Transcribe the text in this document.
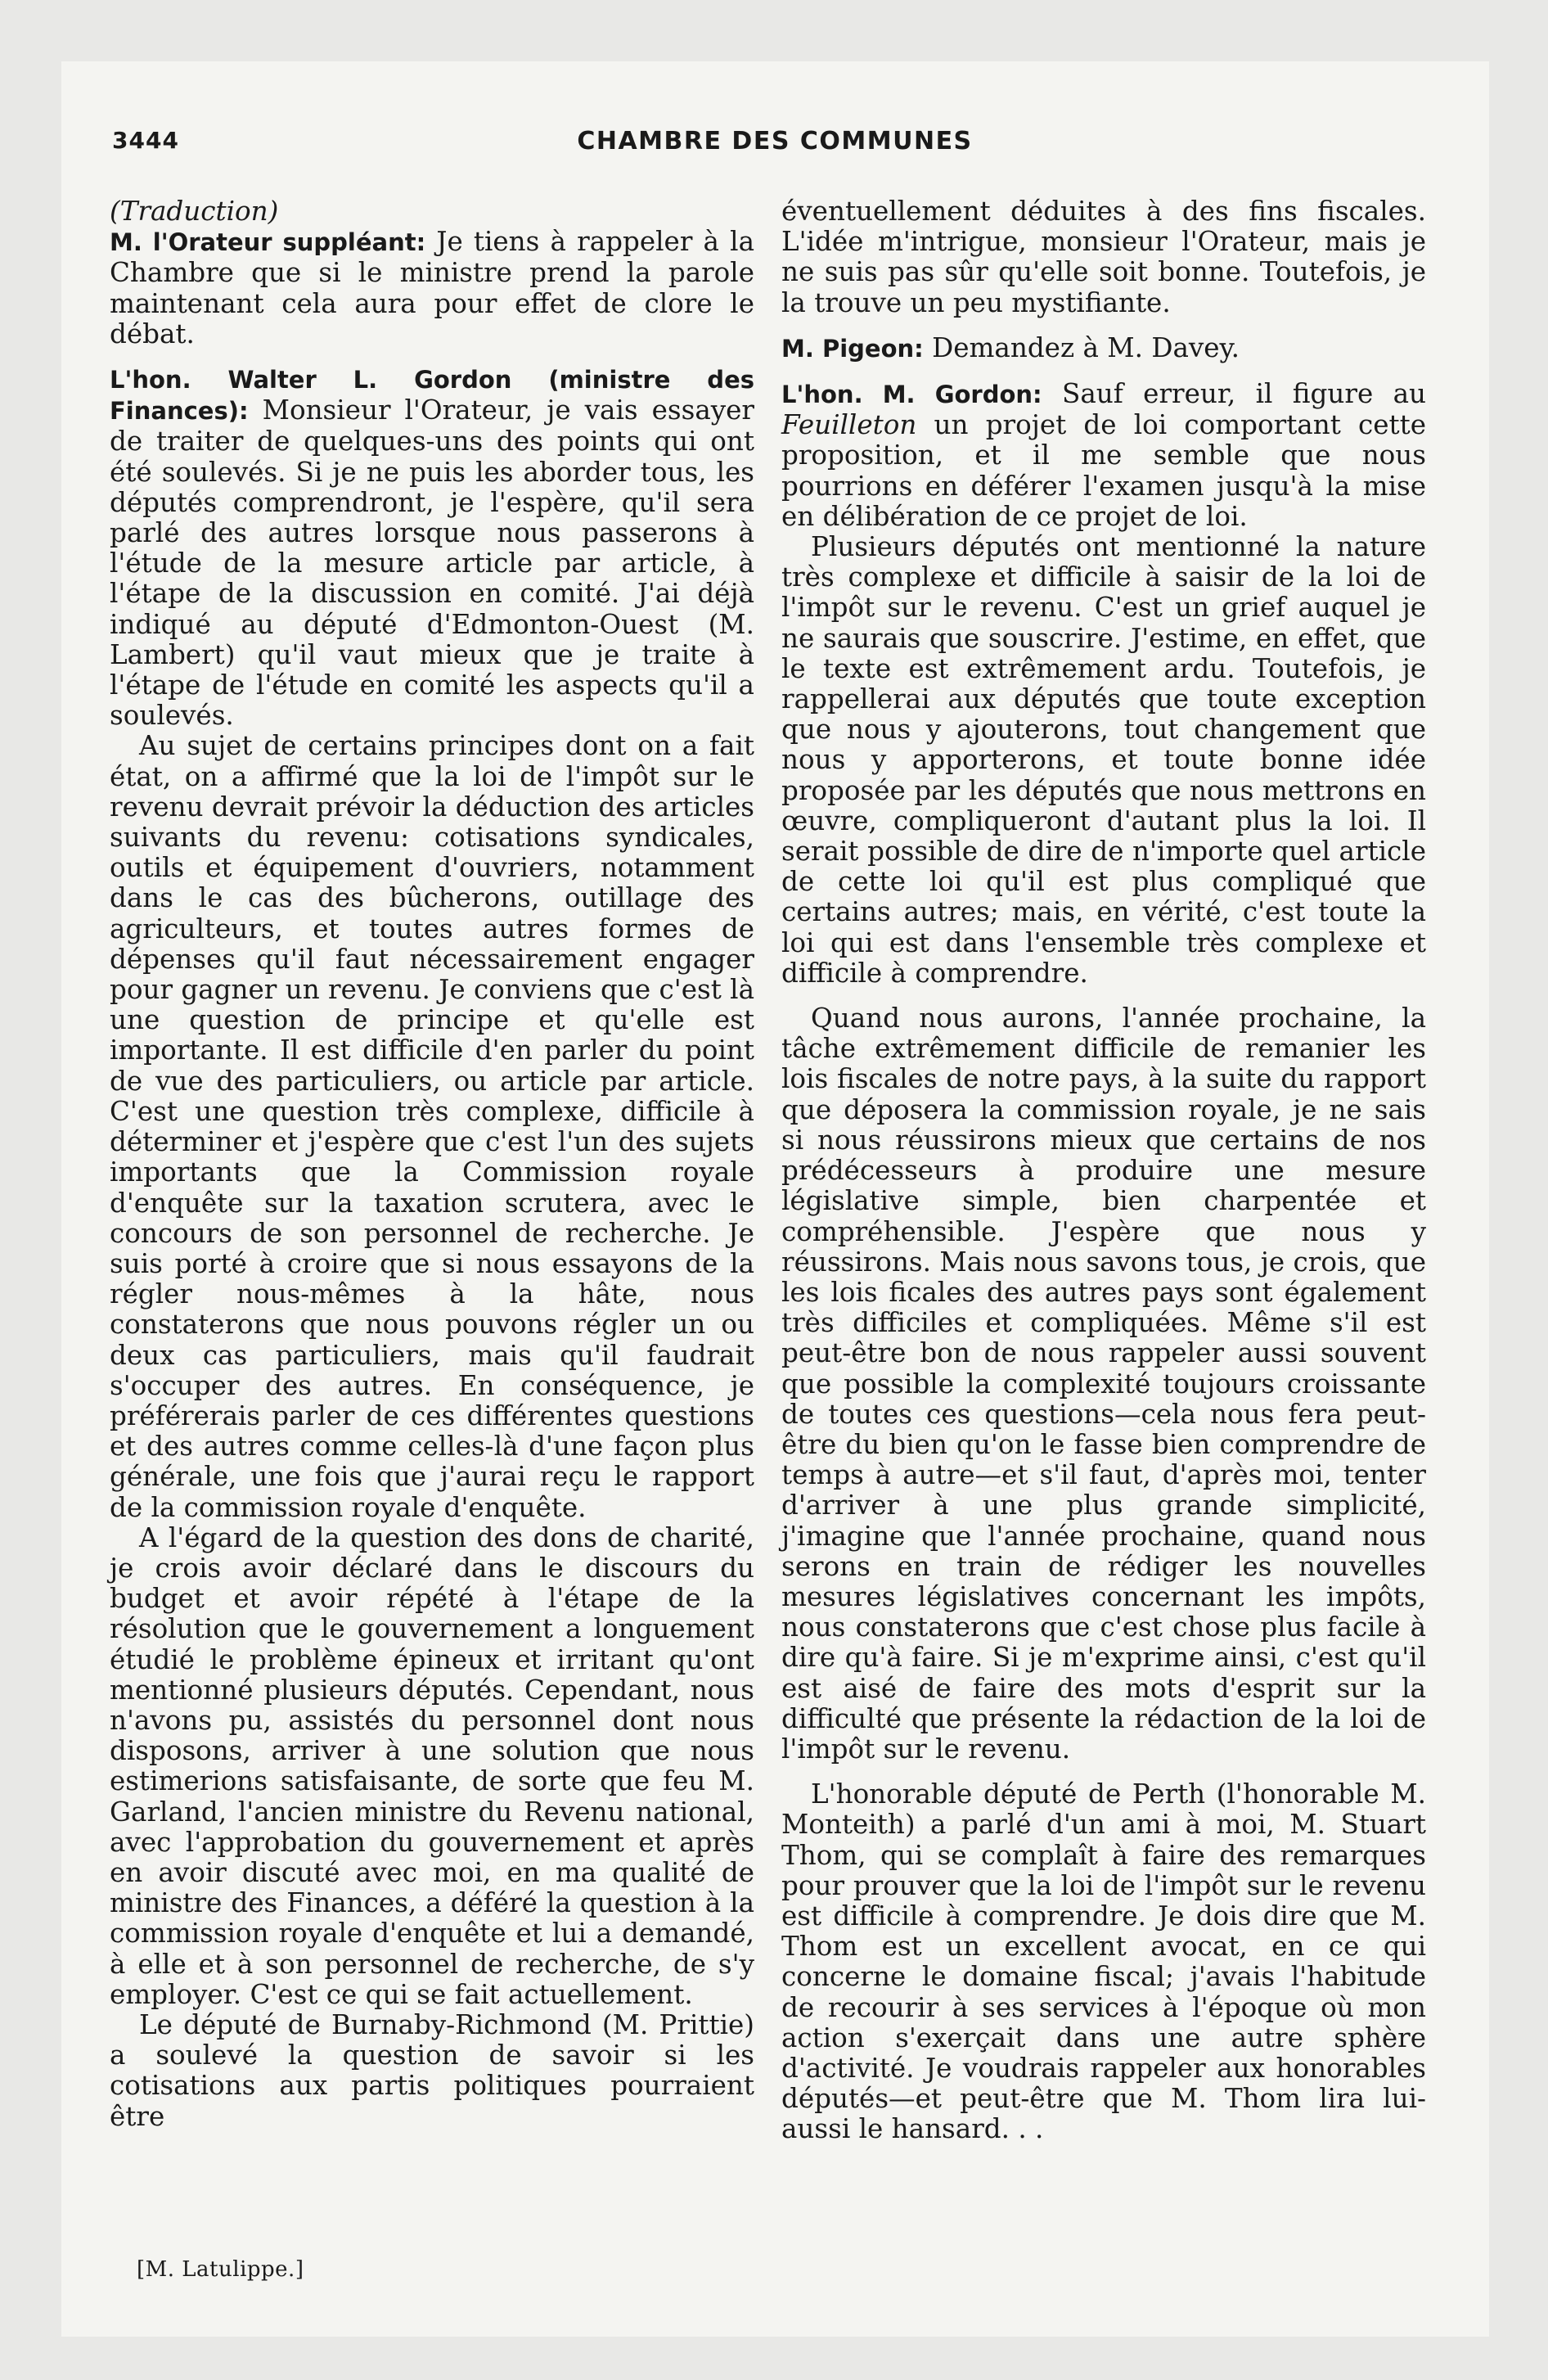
3444	CHAMBRE DES COMMUNES

(Traduction)

M. l'Orateur suppléant: Je tiens à rappeler à la Chambre que si le ministre prend la parole maintenant cela aura pour effet de clore le débat.

L'hon. Walter L. Gordon (ministre des Finances): Monsieur l'Orateur, je vais essayer de traiter de quelques-uns des points qui ont été soulevés. Si je ne puis les aborder tous, les députés comprendront, je l'espère, qu'il sera parlé des autres lorsque nous passerons à l'étude de la mesure article par article, à l'étape de la discussion en comité. J'ai déjà indiqué au député d'Edmonton-Ouest (M. Lambert) qu'il vaut mieux que je traite à l'étape de l'étude en comité les aspects qu'il a soulevés.

Au sujet de certains principes dont on a fait état, on a affirmé que la loi de l'impôt sur le revenu devrait prévoir la déduction des articles suivants du revenu: cotisations syndicales, outils et équipement d'ouvriers, notamment dans le cas des bûcherons, outillage des agriculteurs, et toutes autres formes de dépenses qu'il faut nécessairement engager pour gagner un revenu. Je conviens que c'est là une question de principe et qu'elle est importante. Il est difficile d'en parler du point de vue des particuliers, ou article par article. C'est une question très complexe, difficile à déterminer et j'espère que c'est l'un des sujets importants que la Commission royale d'enquête sur la taxation scrutera, avec le concours de son personnel de recherche. Je suis porté à croire que si nous essayons de la régler nous-mêmes à la hâte, nous constaterons que nous pouvons régler un ou deux cas particuliers, mais qu'il faudrait s'occuper des autres. En conséquence, je préférerais parler de ces différentes questions et des autres comme celles-là d'une façon plus générale, une fois que j'aurai reçu le rapport de la commission royale d'enquête.

A l'égard de la question des dons de charité, je crois avoir déclaré dans le discours du budget et avoir répété à l'étape de la résolution que le gouvernement a longuement étudié le problème épineux et irritant qu'ont mentionné plusieurs députés. Cependant, nous n'avons pu, assistés du personnel dont nous disposons, arriver à une solution que nous estimerions satisfaisante, de sorte que feu M. Garland, l'ancien ministre du Revenu national, avec l'approbation du gouvernement et après en avoir discuté avec moi, en ma qualité de ministre des Finances, a déféré la question à la commission royale d'enquête et lui a demandé, à elle et à son personnel de recherche, de s'y employer. C'est ce qui se fait actuellement.

Le député de Burnaby-Richmond (M. Prittie) a soulevé la question de savoir si les cotisations aux partis politiques pourraient être

éventuellement déduites à des fins fiscales. L'idée m'intrigue, monsieur l'Orateur, mais je ne suis pas sûr qu'elle soit bonne. Toutefois, je la trouve un peu mystifiante.

M. Pigeon: Demandez à M. Davey.

L'hon. M. Gordon: Sauf erreur, il figure au Feuilleton un projet de loi comportant cette proposition, et il me semble que nous pourrions en déférer l'examen jusqu'à la mise en délibération de ce projet de loi.

Plusieurs députés ont mentionné la nature très complexe et difficile à saisir de la loi de l'impôt sur le revenu. C'est un grief auquel je ne saurais que souscrire. J'estime, en effet, que le texte est extrêmement ardu. Toutefois, je rappellerai aux députés que toute exception que nous y ajouterons, tout changement que nous y apporterons, et toute bonne idée proposée par les députés que nous mettrons en œuvre, compliqueront d'autant plus la loi. Il serait possible de dire de n'importe quel article de cette loi qu'il est plus compliqué que certains autres; mais, en vérité, c'est toute la loi qui est dans l'ensemble très complexe et difficile à comprendre.

Quand nous aurons, l'année prochaine, la tâche extrêmement difficile de remanier les lois fiscales de notre pays, à la suite du rapport que déposera la commission royale, je ne sais si nous réussirons mieux que certains de nos prédécesseurs à produire une mesure législative simple, bien charpentée et compréhensible. J'espère que nous y réussirons. Mais nous savons tous, je crois, que les lois ficales des autres pays sont également très difficiles et compliquées. Même s'il est peut-être bon de nous rappeler aussi souvent que possible la complexité toujours croissante de toutes ces questions—cela nous fera peut-être du bien qu'on le fasse bien comprendre de temps à autre—et s'il faut, d'après moi, tenter d'arriver à une plus grande simplicité, j'imagine que l'année prochaine, quand nous serons en train de rédiger les nouvelles mesures législatives concernant les impôts, nous constaterons que c'est chose plus facile à dire qu'à faire. Si je m'exprime ainsi, c'est qu'il est aisé de faire des mots d'esprit sur la difficulté que présente la rédaction de la loi de l'impôt sur le revenu.

L'honorable député de Perth (l'honorable M. Monteith) a parlé d'un ami à moi, M. Stuart Thom, qui se complaît à faire des remarques pour prouver que la loi de l'impôt sur le revenu est difficile à comprendre. Je dois dire que M. Thom est un excellent avocat, en ce qui concerne le domaine fiscal; j'avais l'habitude de recourir à ses services à l'époque où mon action s'exerçait dans une autre sphère d'activité. Je voudrais rappeler aux honorables députés—et peut-être que M. Thom lira lui-aussi le hansard. . .

[M. Latulippe.]
